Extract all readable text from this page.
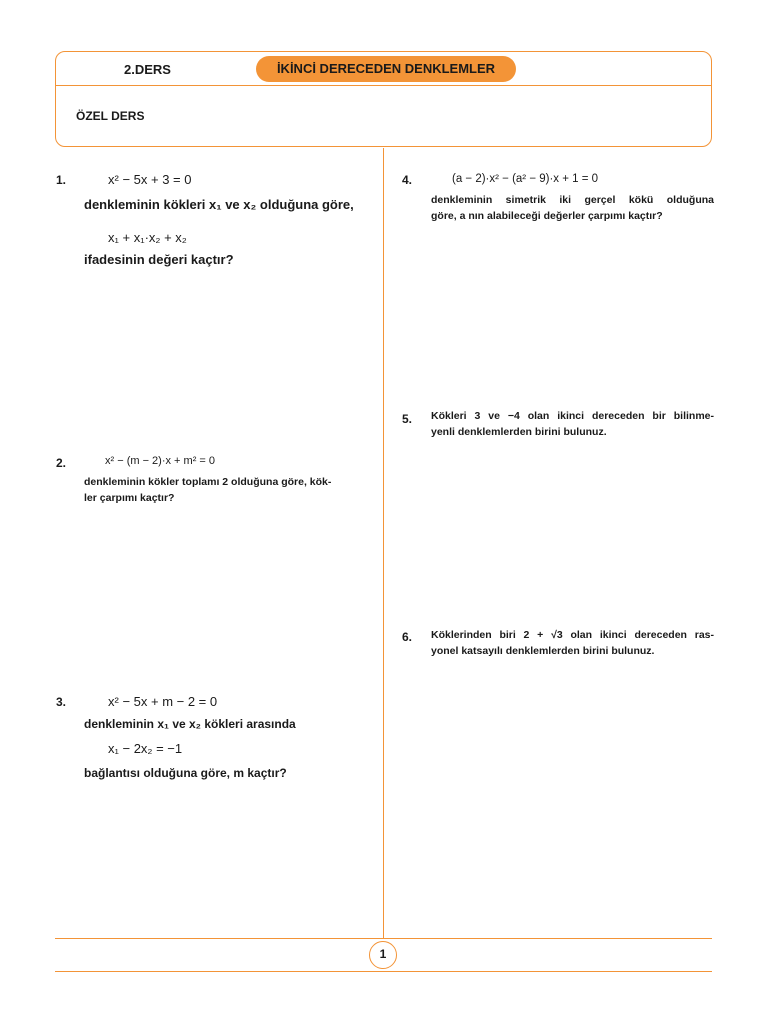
2.DERS	İKİNCİ DERECEDEN DENKLEMLER
ÖZEL DERS
1.	x² − 5x + 3 = 0
denkleminin kökleri x₁ ve x₂ olduğuna göre,
x₁ + x₁·x₂ + x₂
ifadesinin değeri kaçtır?
2.	x² − (m − 2)·x + m² = 0
denkleminin kökler toplamı 2 olduğuna göre, kök-
ler çarpımı kaçtır?
3.	x² − 5x + m − 2 = 0
denkleminin x₁ ve x₂ kökleri arasında
x₁ − 2x₂ = −1
bağlantısı olduğuna göre, m kaçtır?
4.	(a − 2)·x² − (a² − 9)·x + 1 = 0
denkleminin simetrik iki gerçel kökü olduğuna
göre, a nın alabileceği değerler çarpımı kaçtır?
5. Kökleri 3 ve −4 olan ikinci dereceden bir bilinme-
yenli denklemlerden birini bulunuz.
6. Köklerinden biri 2 + √3 olan ikinci dereceden ras-
yonel katsayılı denklemlerden birini bulunuz.
1
